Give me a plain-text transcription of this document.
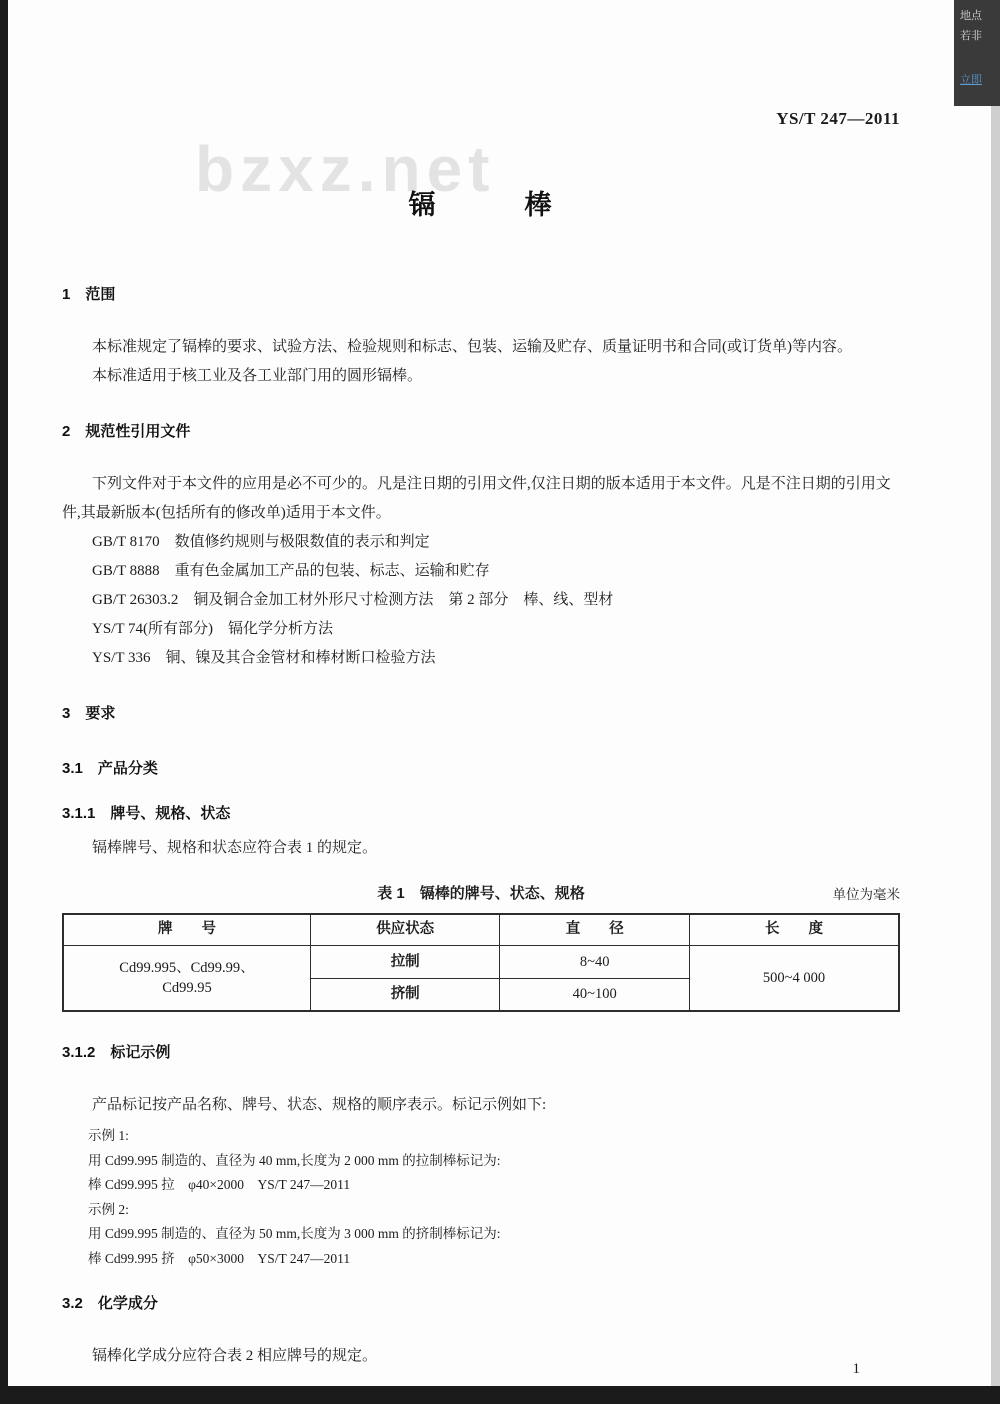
地点
若非
立即
bzxz.net
YS/T 247—2011
镉　　　棒
1　范围
本标准规定了镉棒的要求、试验方法、检验规则和标志、包装、运输及贮存、质量证明书和合同(或订货单)等内容。
本标准适用于核工业及各工业部门用的圆形镉棒。
2　规范性引用文件
下列文件对于本文件的应用是必不可少的。凡是注日期的引用文件,仅注日期的版本适用于本文件。凡是不注日期的引用文件,其最新版本(包括所有的修改单)适用于本文件。
GB/T 8170　数值修约规则与极限数值的表示和判定
GB/T 8888　重有色金属加工产品的包装、标志、运输和贮存
GB/T 26303.2　铜及铜合金加工材外形尺寸检测方法　第 2 部分　棒、线、型材
YS/T 74(所有部分)　镉化学分析方法
YS/T 336　铜、镍及其合金管材和棒材断口检验方法
3　要求
3.1　产品分类
3.1.1　牌号、规格、状态
镉棒牌号、规格和状态应符合表 1 的规定。
表 1　镉棒的牌号、状态、规格	单位为毫米
牌　　号	供应状态	直　　径	长　　度

Cd99.995、Cd99.99、
Cd99.95	拉制	8~40	500~4 000
	挤制	40~100	
3.1.2　标记示例
产品标记按产品名称、牌号、状态、规格的顺序表示。标记示例如下:
示例 1:
用 Cd99.995 制造的、直径为 40 mm,长度为 2 000 mm 的拉制棒标记为:
棒 Cd99.995 拉　φ40×2000　YS/T 247—2011
示例 2:
用 Cd99.995 制造的、直径为 50 mm,长度为 3 000 mm 的挤制棒标记为:
棒 Cd99.995 挤　φ50×3000　YS/T 247—2011
3.2　化学成分
镉棒化学成分应符合表 2 相应牌号的规定。
1
